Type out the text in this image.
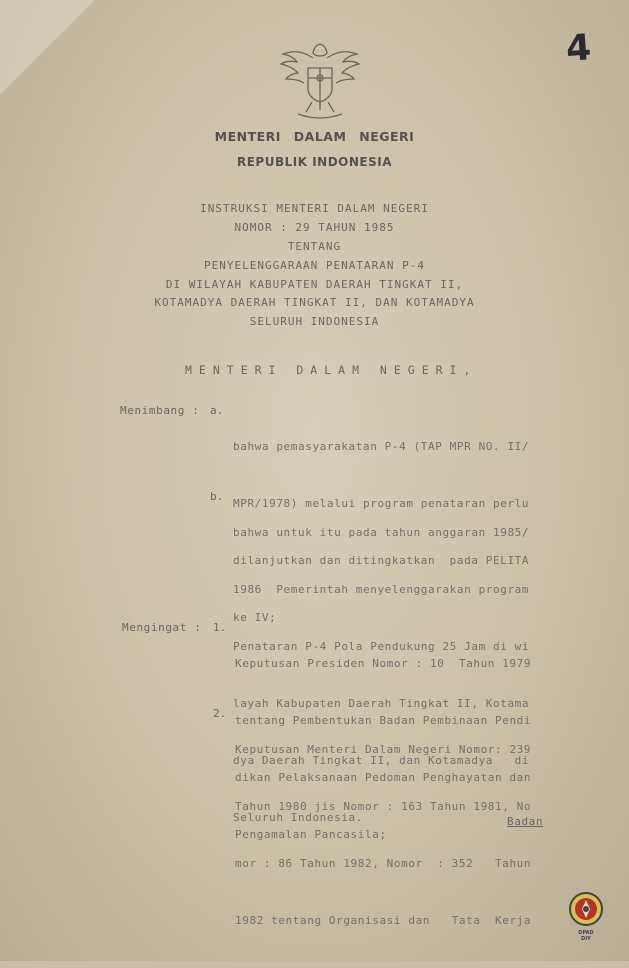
4
MENTERI DALAM NEGERI
REPUBLIK INDONESIA
INSTRUKSI MENTERI DALAM NEGERI
NOMOR : 29 TAHUN 1985
TENTANG
PENYELENGGARAAN PENATARAN P-4
DI WILAYAH KABUPATEN DAERAH TINGKAT II,
KOTAMADYA DAERAH TINGKAT II, DAN KOTAMADYA
SELURUH INDONESIA
MENTERI DALAM NEGERI,
Menimbang : a.

bahwa pemasyarakatan P-4 (TAP MPR NO. II/

MPR/1978) melalui program penataran perlu

dilanjutkan dan ditingkatkan  pada PELITA

ke IV;

b.

bahwa untuk itu pada tahun anggaran 1985/

1986  Pemerintah menyelenggarakan program

Penataran P-4 Pola Pendukung 25 Jam di wi

layah Kabupaten Daerah Tingkat II, Kotama

dya Daerah Tingkat II, dan Kotamadya   di

Seluruh Indonesia.

Mengingat : 1.

Keputusan Presiden Nomor : 10  Tahun 1979

tentang Pembentukan Badan Pembinaan Pendi

dikan Pelaksanaan Pedoman Penghayatan dan

Pengamalan Pancasila;

2.

Keputusan Menteri Dalam Negeri Nomor: 239

Tahun 1980 jis Nomor : 163 Tahun 1981, No

mor : 86 Tahun 1982, Nomor  : 352   Tahun

1982 tentang Organisasi dan   Tata  Kerja

Badan
DPAD
DIY
